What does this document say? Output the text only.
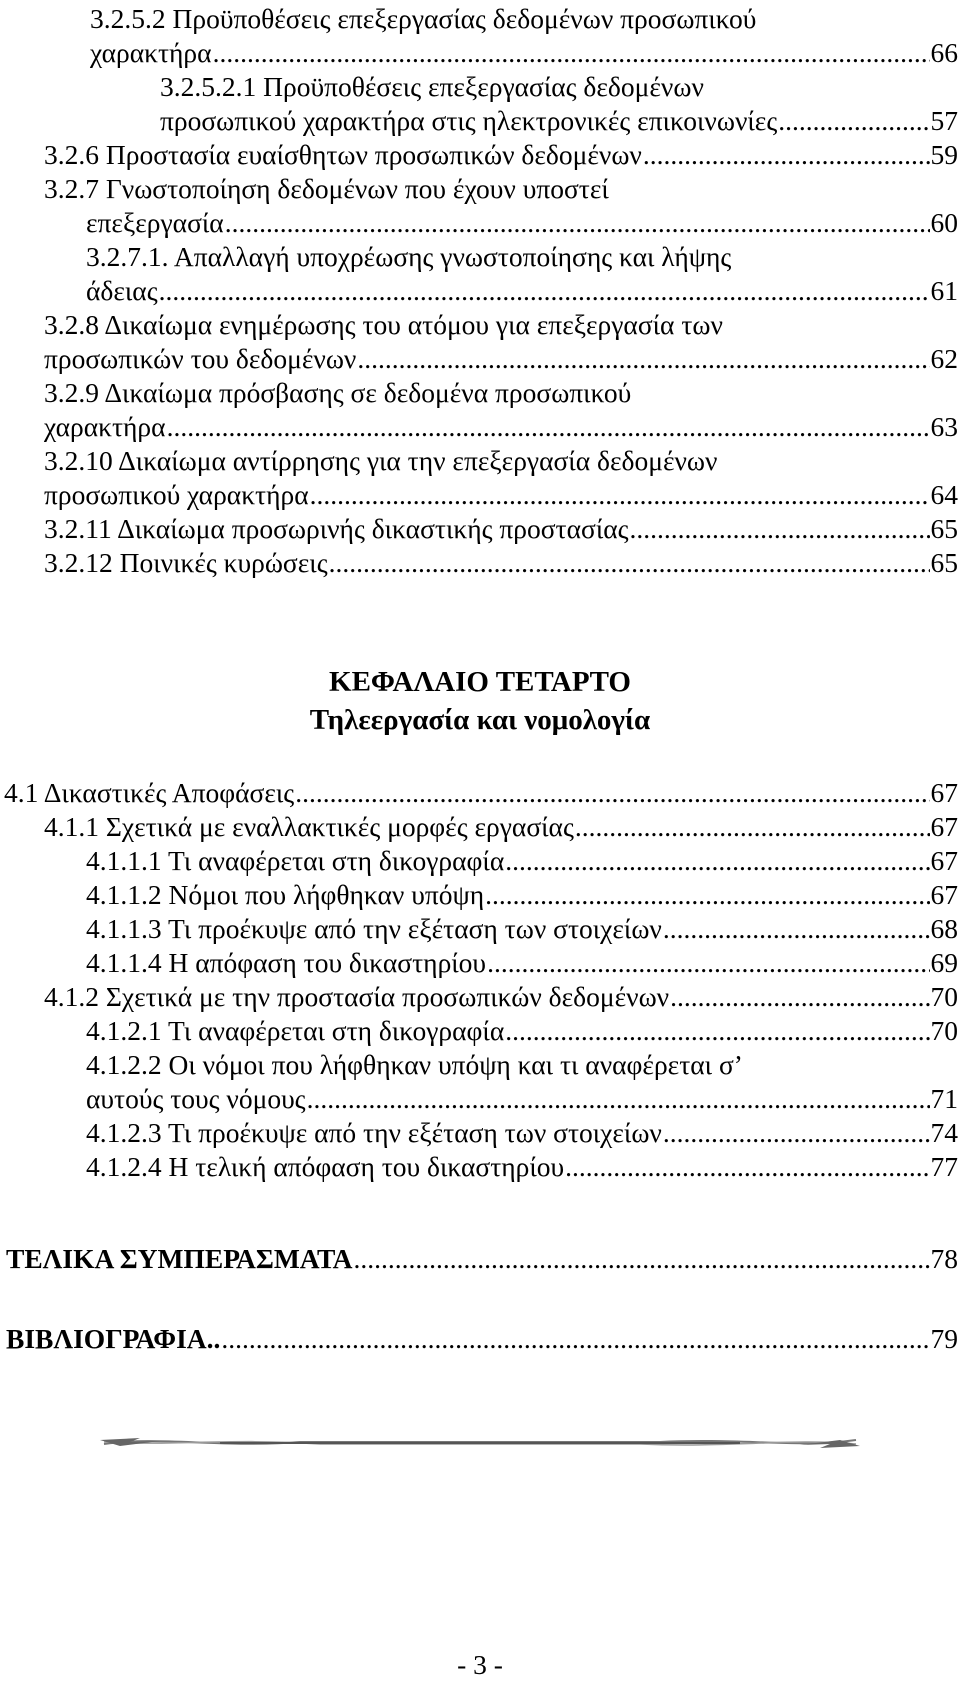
3.2.5.2 Προϋποθέσεις επεξεργασίας δεδομένων προσωπικού
χαρακτήρα .....	66
3.2.5.2.1 Προϋποθέσεις επεξεργασίας δεδομένων
προσωπικού χαρακτήρα στις ηλεκτρονικές επικοινωνίες .....	57
3.2.6 Προστασία ευαίσθητων προσωπικών δεδομένων .....	59
3.2.7 Γνωστοποίηση δεδομένων που έχουν υποστεί
επεξεργασία .....	60
3.2.7.1. Απαλλαγή υποχρέωσης γνωστοποίησης και λήψης
άδειας .....	61
3.2.8 Δικαίωμα ενημέρωσης του ατόμου για επεξεργασία των
προσωπικών του δεδομένων .....	62
3.2.9 Δικαίωμα πρόσβασης σε δεδομένα προσωπικού
χαρακτήρα .....	63
3.2.10 Δικαίωμα αντίρρησης για την επεξεργασία δεδομένων
προσωπικού χαρακτήρα .....	64
3.2.11 Δικαίωμα προσωρινής δικαστικής προστασίας .....	65
3.2.12 Ποινικές κυρώσεις .....	65
ΚΕΦΑΛΑΙΟ ΤΕΤΑΡΤΟ
Τηλεεργασία και νομολογία
4.1 Δικαστικές Αποφάσεις .....	67
4.1.1 Σχετικά με εναλλακτικές μορφές εργασίας .....	67
4.1.1.1 Τι αναφέρεται στη δικογραφία .....	67
4.1.1.2 Νόμοι που λήφθηκαν υπόψη .....	67
4.1.1.3 Τι προέκυψε από την εξέταση των στοιχείων .....	68
4.1.1.4 Η απόφαση του δικαστηρίου .....	69
4.1.2 Σχετικά με την προστασία προσωπικών δεδομένων .....	70
4.1.2.1 Τι αναφέρεται στη δικογραφία .....	70
4.1.2.2 Οι νόμοι που λήφθηκαν υπόψη και τι αναφέρεται σ’
αυτούς τους νόμους .....	71
4.1.2.3 Τι προέκυψε από την εξέταση των στοιχείων .....	74
4.1.2.4 Η τελική απόφαση του δικαστηρίου .....	77
ΤΕΛΙΚΑ ΣΥΜΠΕΡΑΣΜΑΤΑ .....	78
ΒΙΒΛΙΟΓΡΑΦΙΑ.. .....	79
- 3 -
